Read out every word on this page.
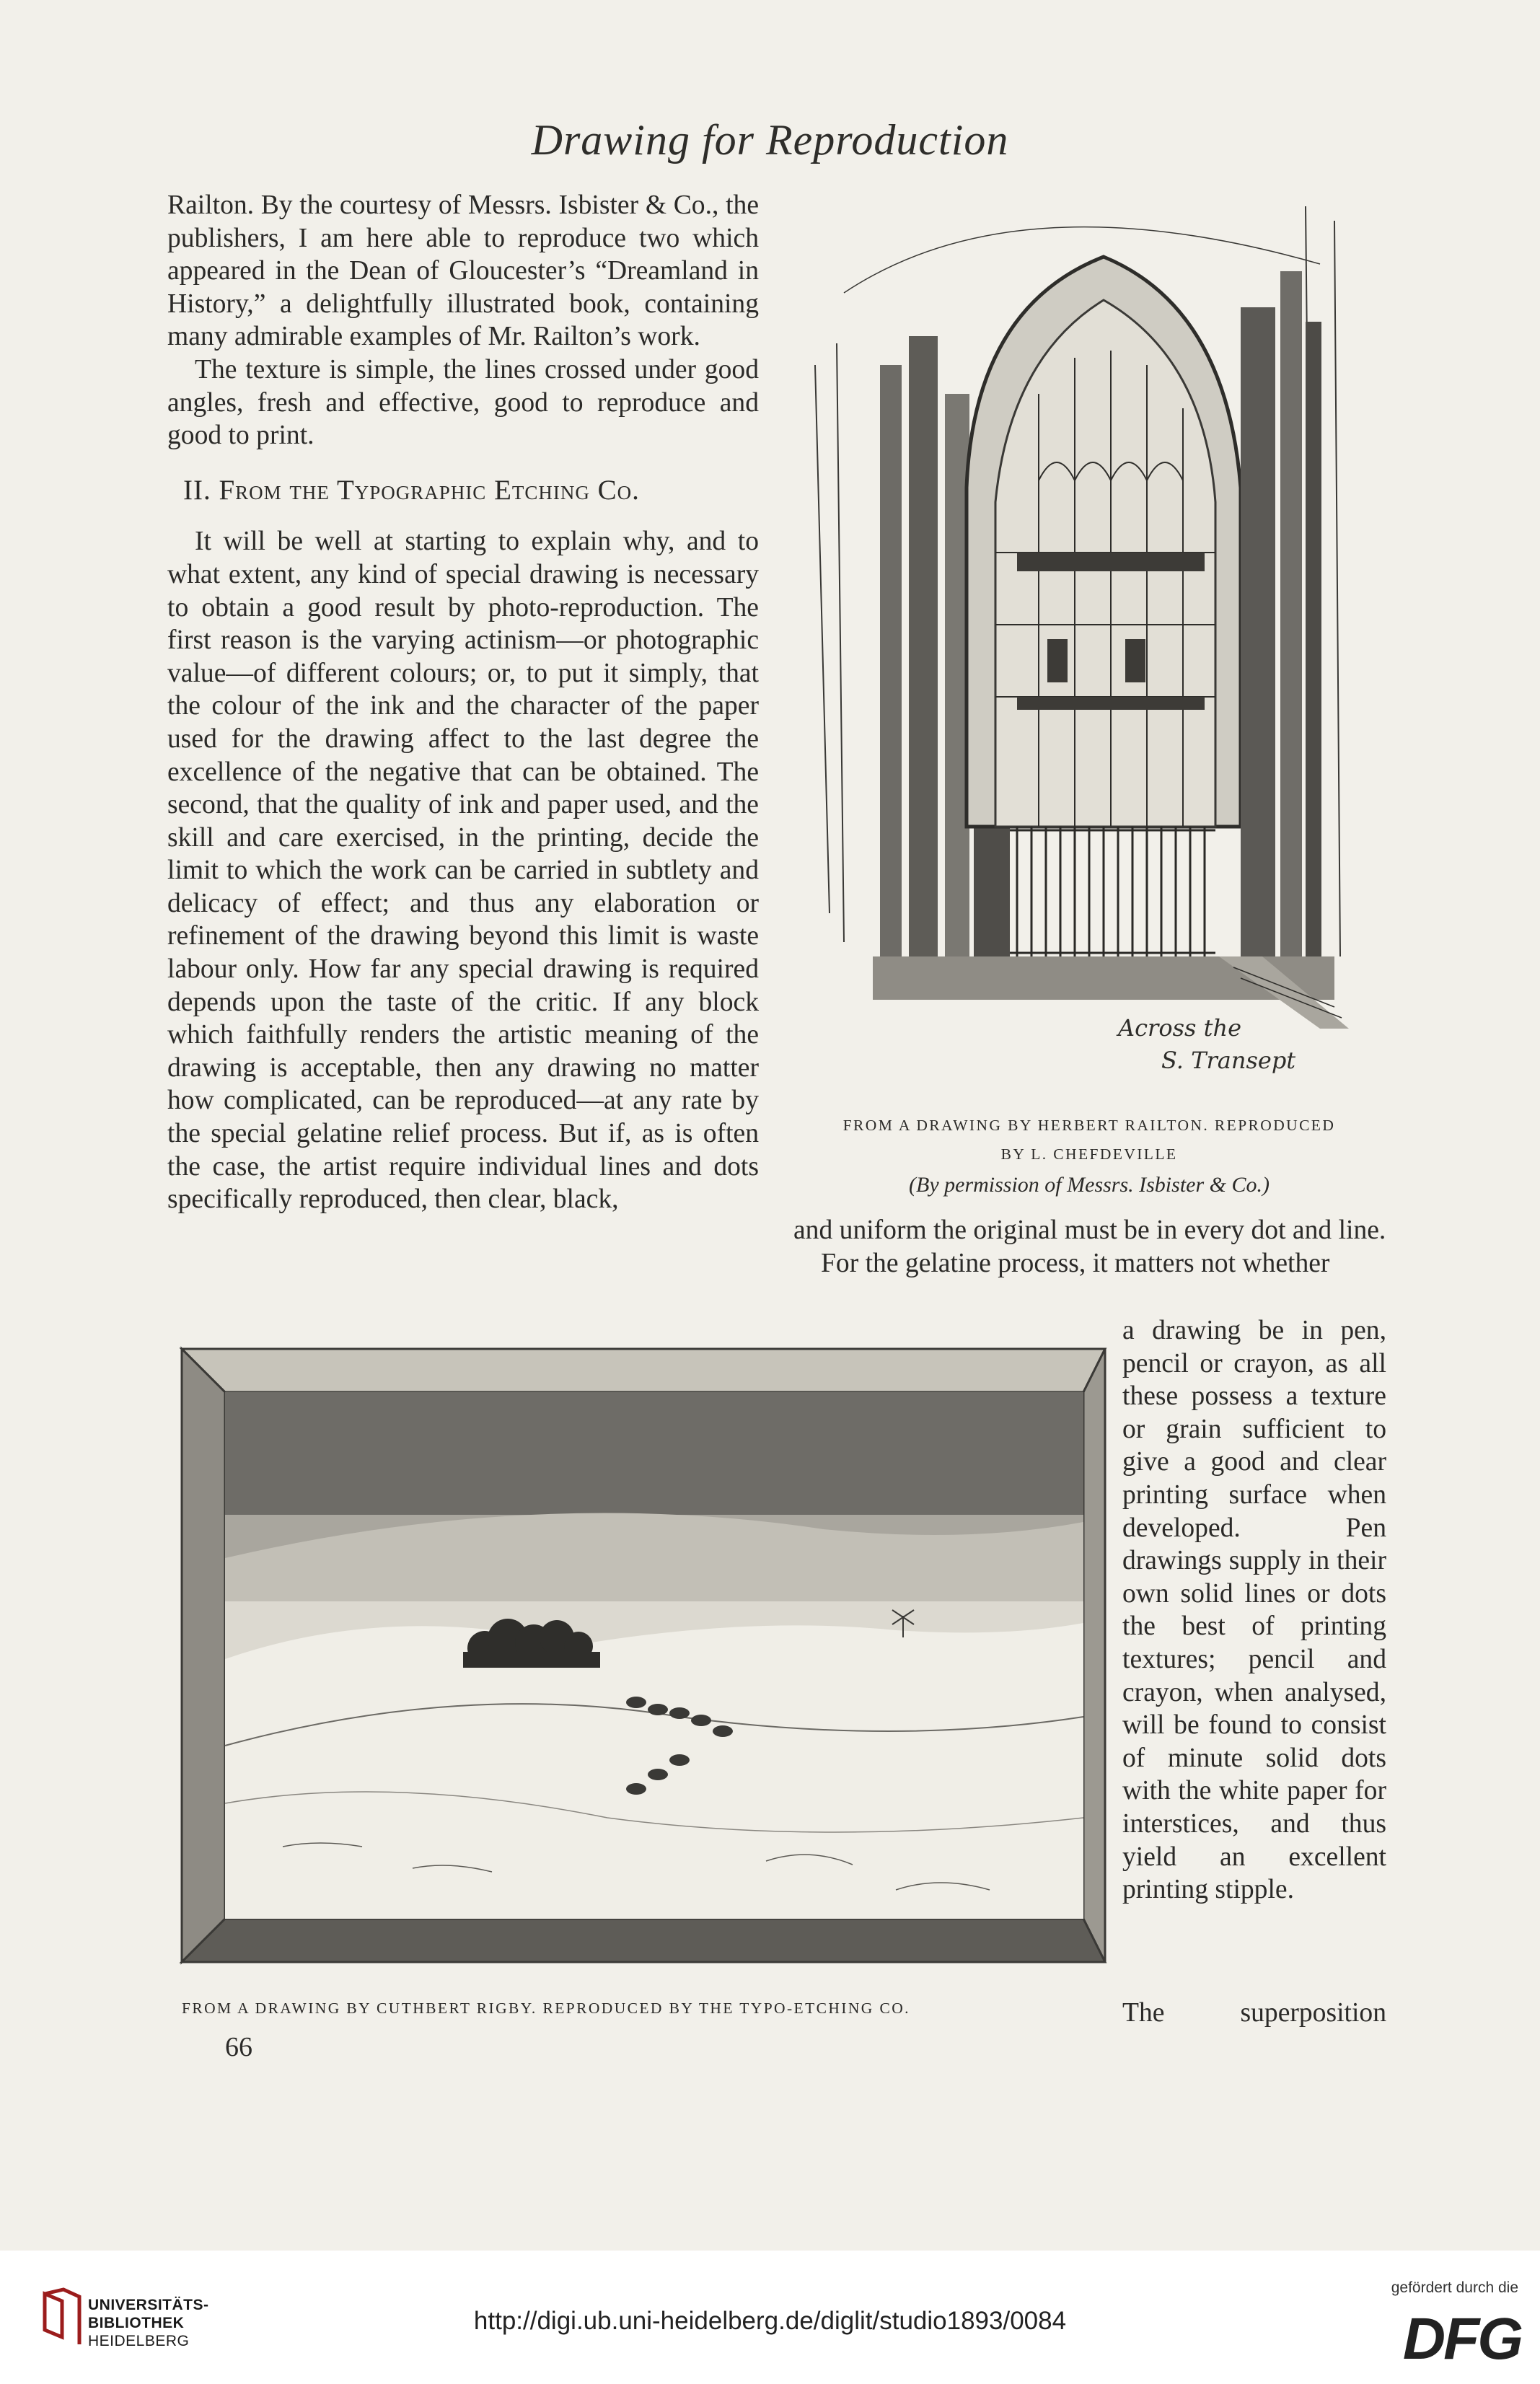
Drawing for Reproduction

Railton. By the courtesy of Messrs. Isbister & Co., the publishers, I am here able to reproduce two which appeared in the Dean of Gloucester’s “Dreamland in History,” a delightfully illustrated book, containing many admirable examples of Mr. Railton’s work.

The texture is simple, the lines crossed under good angles, fresh and effective, good to reproduce and good to print.

II. From the Typographic Etching Co.

It will be well at starting to explain why, and to what extent, any kind of special drawing is necessary to obtain a good result by photo-reproduction. The first reason is the varying actinism—or photographic value—of different colours; or, to put it simply, that the colour of the ink and the character of the paper used for the drawing affect to the last degree the excellence of the negative that can be obtained. The second, that the quality of ink and paper used, and the skill and care exercised, in the printing, decide the limit to which the work can be carried in subtlety and delicacy of effect; and thus any elaboration or refinement of the drawing beyond this limit is waste labour only. How far any special drawing is required depends upon the taste of the critic. If any block which faithfully renders the artistic meaning of the drawing is acceptable, then any drawing no matter how complicated, can be reproduced—at any rate by the special gelatine relief process. But if, as is often the case, the artist require individual lines and dots specifically reproduced, then clear, black,

Across the
S. Transept
FROM A DRAWING BY HERBERT RAILTON. REPRODUCED
BY L. CHEFDEVILLE
(By permission of Messrs. Isbister & Co.)

and uniform the original must be in every dot and line.

For the gelatine process, it matters not whether

FROM A DRAWING BY CUTHBERT RIGBY. REPRODUCED BY THE TYPO-ETCHING CO.

a drawing be in pen, pencil or crayon, as all these possess a texture or grain sufficient to give a good and clear printing surface when developed. Pen drawings supply in their own solid lines or dots the best of printing textures; pencil and crayon, when analysed, will be found to consist of minute solid dots with the white paper for interstices, and thus yield an excellent printing stipple.

The superposition
66
UNIVERSITÄTS-
BIBLIOTHEK
HEIDELBERG
http://digi.ub.uni-heidelberg.de/diglit/studio1893/0084
gefördert durch die
DFG
